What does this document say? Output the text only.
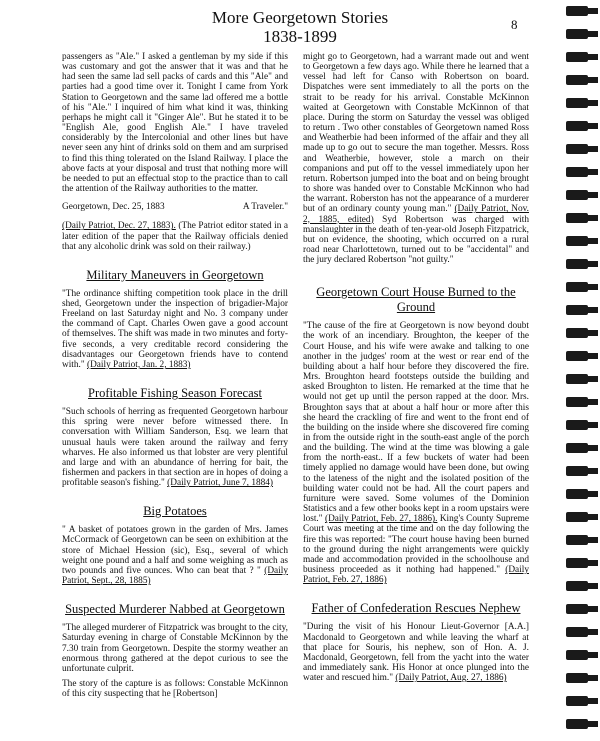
More Georgetown Stories
1838-1899
8

passengers as "Ale." I asked a gentleman by my side if this was customary and got the answer that it was and that he had seen the same lad sell packs of cards and this "Ale" and parties had a good time over it. Tonight I came from York Station to Georgetown and the same lad offered me a bottle of his "Ale." I inquired of him what kind it was, thinking perhaps he might call it "Ginger Ale". But he stated it to be "English Ale, good English Ale." I have traveled considerably by the Intercolonial and other lines but have never seen any hint of drinks sold on them and am surprised to find this thing tolerated on the Island Railway. I place the above facts at your disposal and trust that nothing more will be needed to put an effectual stop to the practice than to call the attention of the Railway authorities to the matter.

Georgetown, Dec. 25, 1883	A Traveler."

(Daily Patriot, Dec. 27, 1883). (The Patriot editor stated in a later edition of the paper that the Railway officials denied that any alcoholic drink was sold on their railway.)

Military Maneuvers in Georgetown

"The ordinance shifting competition took place in the drill shed, Georgetown under the inspection of brigadier-Major Freeland on last Saturday night and No. 3 company under the command of Capt. Charles Owen gave a good account of themselves. The shift was made in two minutes and forty-five seconds, a very creditable record considering the disadvantages our Georgetown friends have to contend with." (Daily Patriot, Jan. 2, 1883)

Profitable Fishing Season Forecast

"Such schools of herring as frequented Georgetown harbour this spring were never before witnessed there. In conversation with William Sanderson, Esq. we learn that unusual hauls were taken around the railway and ferry wharves. He also informed us that lobster are very plentiful and large and with an abundance of herring for bait, the fishermen and packers in that section are in hopes of doing a profitable season's fishing." (Daily Patriot, June 7, 1884)

Big Potatoes

" A basket of potatoes grown in the garden of Mrs. James McCormack of Georgetown can be seen on exhibition at the store of Michael Hession (sic), Esq., several of which weight one pound and a half and some weighing as much as two pounds and five ounces. Who can beat that ? " (Daily Patriot, Sept., 28, 1885)

Suspected Murderer Nabbed at Georgetown

"The alleged murderer of Fitzpatrick was brought to the city, Saturday evening in charge of Constable McKinnon by the 7.30 train from Georgetown. Despite the stormy weather an enormous throng gathered at the depot curious to see the unfortunate culprit.

The story of the capture is as follows: Constable McKinnon of this city suspecting that he [Robertson]

might go to Georgetown, had a warrant made out and went to Georgetown a few days ago. While there he learned that a vessel had left for Canso with Robertson on board. Dispatches were sent immediately to all the ports on the strait to be ready for his arrival. Constable McKinnon waited at Georgetown with Constable McKinnon of that place. During the storm on Saturday the vessel was obliged to return . Two other constables of Georgetown named Ross and Weatherbie had been informed of the affair and they all made up to go out to secure the man together. Messrs. Ross and Weatherbie, however, stole a march on their companions and put off to the vessel immediately upon her return. Robertson jumped into the boat and on being brought to shore was handed over to Constable McKinnon who had the warrant. Roberston has not the appearance of a murderer but of an ordinary county young man." (Daily Patriot, Nov. 2, 1885, edited) Syd Robertson was charged with manslaughter in the death of ten-year-old Joseph Fitzpatrick, but on evidence, the shooting, which occurred on a rural road near Charlottetown, turned out to be "accidental" and the jury declared Robertson "not guilty."

Georgetown Court House Burned to the Ground

"The cause of the fire at Georgetown is now beyond doubt the work of an incendiary. Broughton, the keeper of the Court House, and his wife were awake and talking to one another in the judges' room at the west or rear end of the building about a half hour before they discovered the fire. Mrs. Broughton heard footsteps outside the building and asked Broughton to listen. He remarked at the time that he would not get up until the person rapped at the door. Mrs. Broughton says that at about a half hour or more after this she heard the crackling of fire and went to the front end of the building on the inside where she discovered fire coming in from the outside right in the south-east angle of the porch and the building. The wind at the time was blowing a gale from the north-east.. If a few buckets of water had been timely applied no damage would have been done, but owing to the lateness of the night and the isolated position of the building water could not be had. All the court papers and furniture were saved. Some volumes of the Dominion Statistics and a few other books kept in a room upstairs were lost." (Daily Patriot, Feb. 27, 1886). King's County Supreme Court was meeting at the time and on the day following the fire this was reported: "The court house having been burned to the ground during the night arrangements were quickly made and accommodation provided in the schoolhouse and business proceeded as it nothing had happened." (Daily Patriot, Feb. 27, 1886)

Father of Confederation Rescues Nephew

"During the visit of his Honour Lieut-Governor [A.A.] Macdonald to Georgetown and while leaving the wharf at that place for Souris, his nephew, son of Hon. A. J. Macdonald, Georgetown, fell from the yacht into the water and immediately sank. His Honor at once plunged into the water and rescued him." (Daily Patriot, Aug. 27, 1886)
